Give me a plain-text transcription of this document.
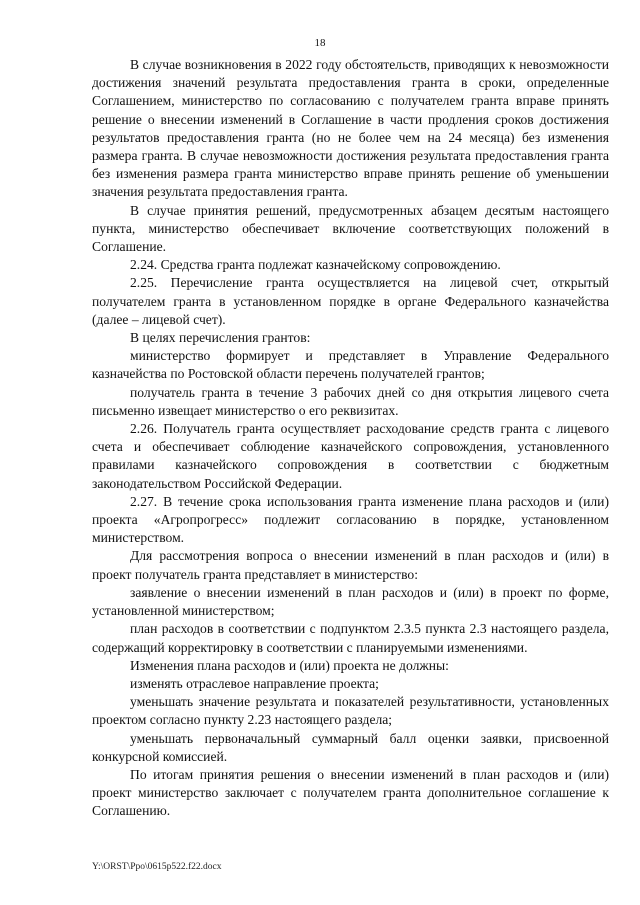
18

В случае возникновения в 2022 году обстоятельств, приводящих к невозможности достижения значений результата предоставления гранта в сроки, определенные Соглашением, министерство по согласованию с получателем гранта вправе принять решение о внесении изменений в Соглашение в части продления сроков достижения результатов предоставления гранта (но не более чем на 24 месяца) без изменения размера гранта. В случае невозможности достижения результата предоставления гранта без изменения размера гранта министерство вправе принять решение об уменьшении значения результата предоставления гранта.

В случае принятия решений, предусмотренных абзацем десятым настоящего пункта, министерство обеспечивает включение соответствующих положений в Соглашение.

2.24. Средства гранта подлежат казначейскому сопровождению.

2.25. Перечисление гранта осуществляется на лицевой счет, открытый получателем гранта в установленном порядке в органе Федерального казначейства (далее – лицевой счет).

В целях перечисления грантов:

министерство формирует и представляет в Управление Федерального казначейства по Ростовской области перечень получателей грантов;

получатель гранта в течение 3 рабочих дней со дня открытия лицевого счета письменно извещает министерство о его реквизитах.

2.26. Получатель гранта осуществляет расходование средств гранта с лицевого счета и обеспечивает соблюдение казначейского сопровождения, установленного правилами казначейского сопровождения в соответствии с бюджетным законодательством Российской Федерации.

2.27. В течение срока использования гранта изменение плана расходов и (или) проекта «Агропрогресс» подлежит согласованию в порядке, установленном министерством.

Для рассмотрения вопроса о внесении изменений в план расходов и (или) в проект получатель гранта представляет в министерство:

заявление о внесении изменений в план расходов и (или) в проект по форме, установленной министерством;

план расходов в соответствии с подпунктом 2.3.5 пункта 2.3 настоящего раздела, содержащий корректировку в соответствии с планируемыми изменениями.

Изменения плана расходов и (или) проекта не должны:

изменять отраслевое направление проекта;

уменьшать значение результата и показателей результативности, установленных проектом согласно пункту 2.23 настоящего раздела;

уменьшать первоначальный суммарный балл оценки заявки, присвоенной конкурсной комиссией.

По итогам принятия решения о внесении изменений в план расходов и (или) проект министерство заключает с получателем гранта дополнительное соглашение к Соглашению.

Y:\ORST\Ppo\0615p522.f22.docx
